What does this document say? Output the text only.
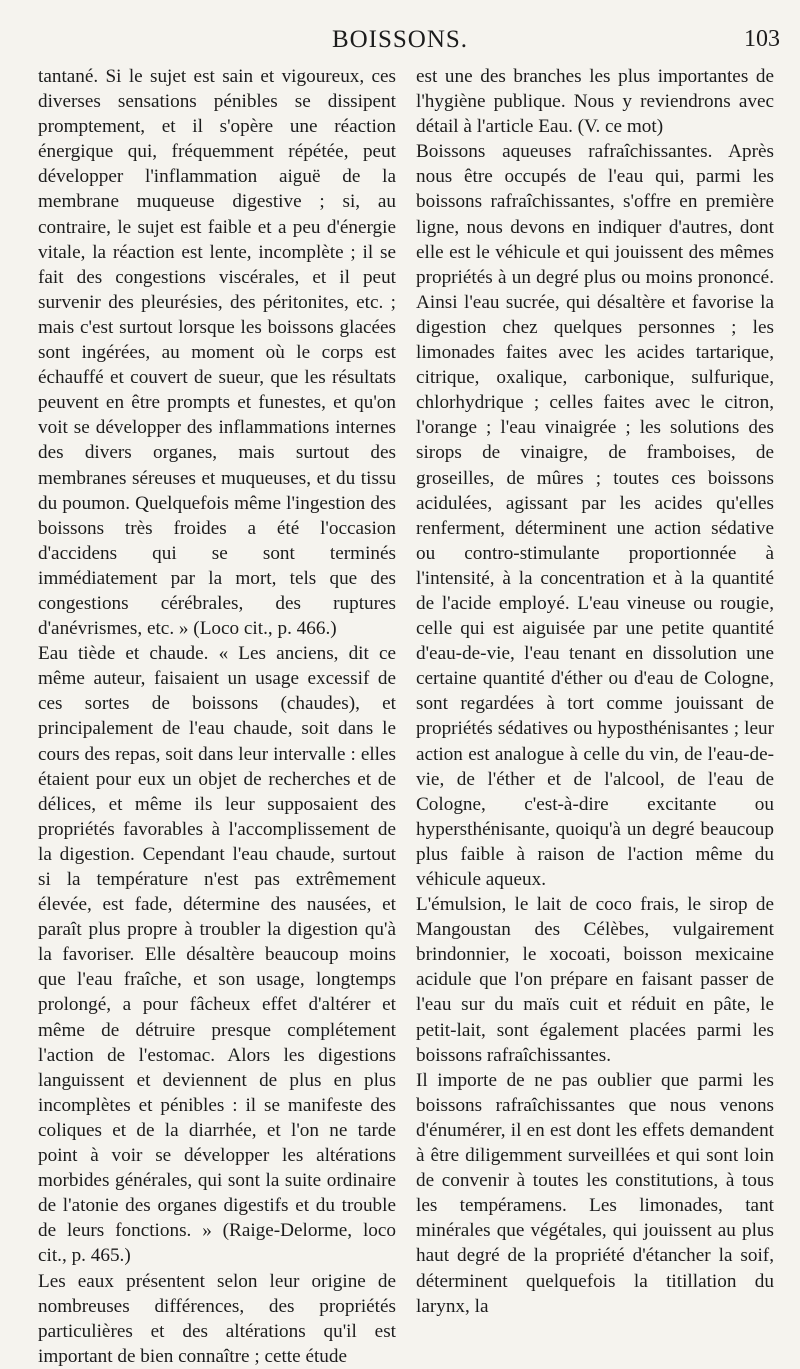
BOISSONS.	103

tantané. Si le sujet est sain et vigoureux, ces diverses sensations pénibles se dissipent promptement, et il s'opère une réaction énergique qui, fréquemment répétée, peut développer l'inflammation aiguë de la membrane muqueuse digestive ; si, au contraire, le sujet est faible et a peu d'énergie vitale, la réaction est lente, incomplète ; il se fait des congestions viscérales, et il peut survenir des pleurésies, des péritonites, etc. ; mais c'est surtout lorsque les boissons glacées sont ingérées, au moment où le corps est échauffé et couvert de sueur, que les résultats peuvent en être prompts et funestes, et qu'on voit se développer des inflammations internes des divers organes, mais surtout des membranes séreuses et muqueuses, et du tissu du poumon. Quelquefois même l'ingestion des boissons très froides a été l'occasion d'accidens qui se sont terminés immédiatement par la mort, tels que des congestions cérébrales, des ruptures d'anévrismes, etc. » (Loco cit., p. 466.)

Eau tiède et chaude. « Les anciens, dit ce même auteur, faisaient un usage excessif de ces sortes de boissons (chaudes), et principalement de l'eau chaude, soit dans le cours des repas, soit dans leur intervalle : elles étaient pour eux un objet de recherches et de délices, et même ils leur supposaient des propriétés favorables à l'accomplissement de la digestion. Cependant l'eau chaude, surtout si la température n'est pas extrêmement élevée, est fade, détermine des nausées, et paraît plus propre à troubler la digestion qu'à la favoriser. Elle désaltère beaucoup moins que l'eau fraîche, et son usage, longtemps prolongé, a pour fâcheux effet d'altérer et même de détruire presque complétement l'action de l'estomac. Alors les digestions languissent et deviennent de plus en plus incomplètes et pénibles : il se manifeste des coliques et de la diarrhée, et l'on ne tarde point à voir se développer les altérations morbides générales, qui sont la suite ordinaire de l'atonie des organes digestifs et du trouble de leurs fonctions. » (Raige-Delorme, loco cit., p. 465.)

Les eaux présentent selon leur origine de nombreuses différences, des propriétés particulières et des altérations qu'il est important de bien connaître ; cette étude

est une des branches les plus importantes de l'hygiène publique. Nous y reviendrons avec détail à l'article Eau. (V. ce mot)

Boissons aqueuses rafraîchissantes. Après nous être occupés de l'eau qui, parmi les boissons rafraîchissantes, s'offre en première ligne, nous devons en indiquer d'autres, dont elle est le véhicule et qui jouissent des mêmes propriétés à un degré plus ou moins prononcé. Ainsi l'eau sucrée, qui désaltère et favorise la digestion chez quelques personnes ; les limonades faites avec les acides tartarique, citrique, oxalique, carbonique, sulfurique, chlorhydrique ; celles faites avec le citron, l'orange ; l'eau vinaigrée ; les solutions des sirops de vinaigre, de framboises, de groseilles, de mûres ; toutes ces boissons acidulées, agissant par les acides qu'elles renferment, déterminent une action sédative ou contro-stimulante proportionnée à l'intensité, à la concentration et à la quantité de l'acide employé. L'eau vineuse ou rougie, celle qui est aiguisée par une petite quantité d'eau-de-vie, l'eau tenant en dissolution une certaine quantité d'éther ou d'eau de Cologne, sont regardées à tort comme jouissant de propriétés sédatives ou hyposthénisantes ; leur action est analogue à celle du vin, de l'eau-de-vie, de l'éther et de l'alcool, de l'eau de Cologne, c'est-à-dire excitante ou hypersthénisante, quoiqu'à un degré beaucoup plus faible à raison de l'action même du véhicule aqueux.

L'émulsion, le lait de coco frais, le sirop de Mangoustan des Célèbes, vulgairement brindonnier, le xocoati, boisson mexicaine acidule que l'on prépare en faisant passer de l'eau sur du maïs cuit et réduit en pâte, le petit-lait, sont également placées parmi les boissons rafraîchissantes.

Il importe de ne pas oublier que parmi les boissons rafraîchissantes que nous venons d'énumérer, il en est dont les effets demandent à être diligemment surveillées et qui sont loin de convenir à toutes les constitutions, à tous les tempéramens. Les limonades, tant minérales que végétales, qui jouissent au plus haut degré de la propriété d'étancher la soif, déterminent quelquefois la titillation du larynx, la
